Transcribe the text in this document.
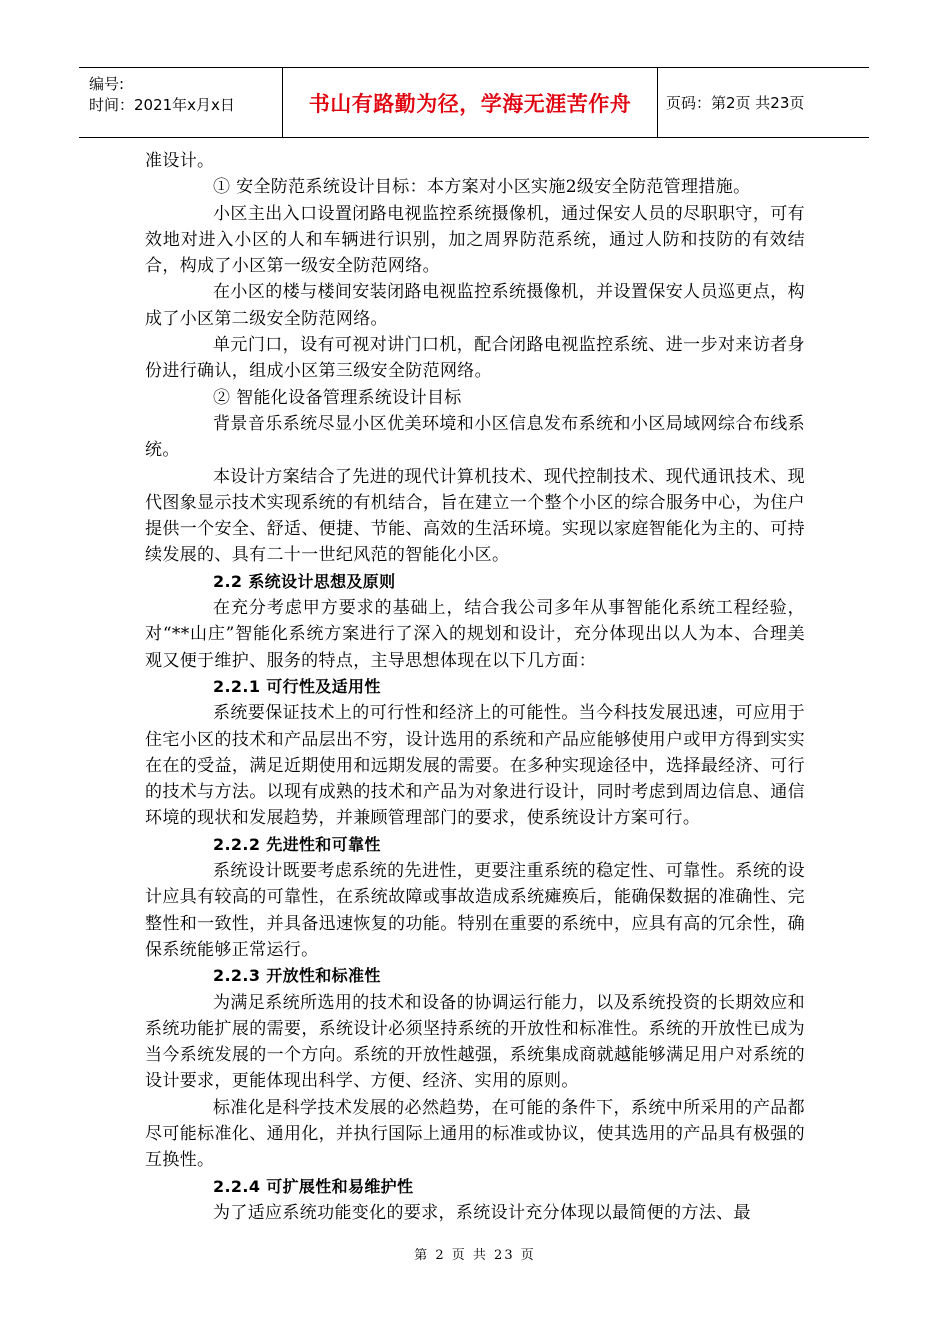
编号:
时间：2021年x月x日	书山有路勤为径，学海无涯苦作舟	页码：第2页 共23页

准设计。

① 安全防范系统设计目标：本方案对小区实施2级安全防范管理措施。

小区主出入口设置闭路电视监控系统摄像机，通过保安人员的尽职职守，可有效地对进入小区的人和车辆进行识别，加之周界防范系统，通过人防和技防的有效结合，构成了小区第一级安全防范网络。

在小区的楼与楼间安装闭路电视监控系统摄像机，并设置保安人员巡更点，构成了小区第二级安全防范网络。

单元门口，设有可视对讲门口机，配合闭路电视监控系统、进一步对来访者身份进行确认，组成小区第三级安全防范网络。

② 智能化设备管理系统设计目标

背景音乐系统尽显小区优美环境和小区信息发布系统和小区局域网综合布线系统。

本设计方案结合了先进的现代计算机技术、现代控制技术、现代通讯技术、现代图象显示技术实现系统的有机结合，旨在建立一个整个小区的综合服务中心，为住户提供一个安全、舒适、便捷、节能、高效的生活环境。实现以家庭智能化为主的、可持续发展的、具有二十一世纪风范的智能化小区。

2.2 系统设计思想及原则

在充分考虑甲方要求的基础上，结合我公司多年从事智能化系统工程经验，对“**山庄”智能化系统方案进行了深入的规划和设计，充分体现出以人为本、合理美观又便于维护、服务的特点，主导思想体现在以下几方面：

2.2.1 可行性及适用性

系统要保证技术上的可行性和经济上的可能性。当今科技发展迅速，可应用于住宅小区的技术和产品层出不穷，设计选用的系统和产品应能够使用户或甲方得到实实在在的受益，满足近期使用和远期发展的需要。在多种实现途径中，选择最经济、可行的技术与方法。以现有成熟的技术和产品为对象进行设计，同时考虑到周边信息、通信环境的现状和发展趋势，并兼顾管理部门的要求，使系统设计方案可行。

2.2.2 先进性和可靠性

系统设计既要考虑系统的先进性，更要注重系统的稳定性、可靠性。系统的设计应具有较高的可靠性，在系统故障或事故造成系统瘫痪后，能确保数据的准确性、完整性和一致性，并具备迅速恢复的功能。特别在重要的系统中，应具有高的冗余性，确保系统能够正常运行。

2.2.3 开放性和标准性

为满足系统所选用的技术和设备的协调运行能力，以及系统投资的长期效应和系统功能扩展的需要，系统设计必须坚持系统的开放性和标准性。系统的开放性已成为当今系统发展的一个方向。系统的开放性越强，系统集成商就越能够满足用户对系统的设计要求，更能体现出科学、方便、经济、实用的原则。

标准化是科学技术发展的必然趋势，在可能的条件下，系统中所采用的产品都尽可能标准化、通用化，并执行国际上通用的标准或协议，使其选用的产品具有极强的互换性。

2.2.4 可扩展性和易维护性

为了适应系统功能变化的要求，系统设计充分体现以最简便的方法、最

第 2 页 共 23 页
